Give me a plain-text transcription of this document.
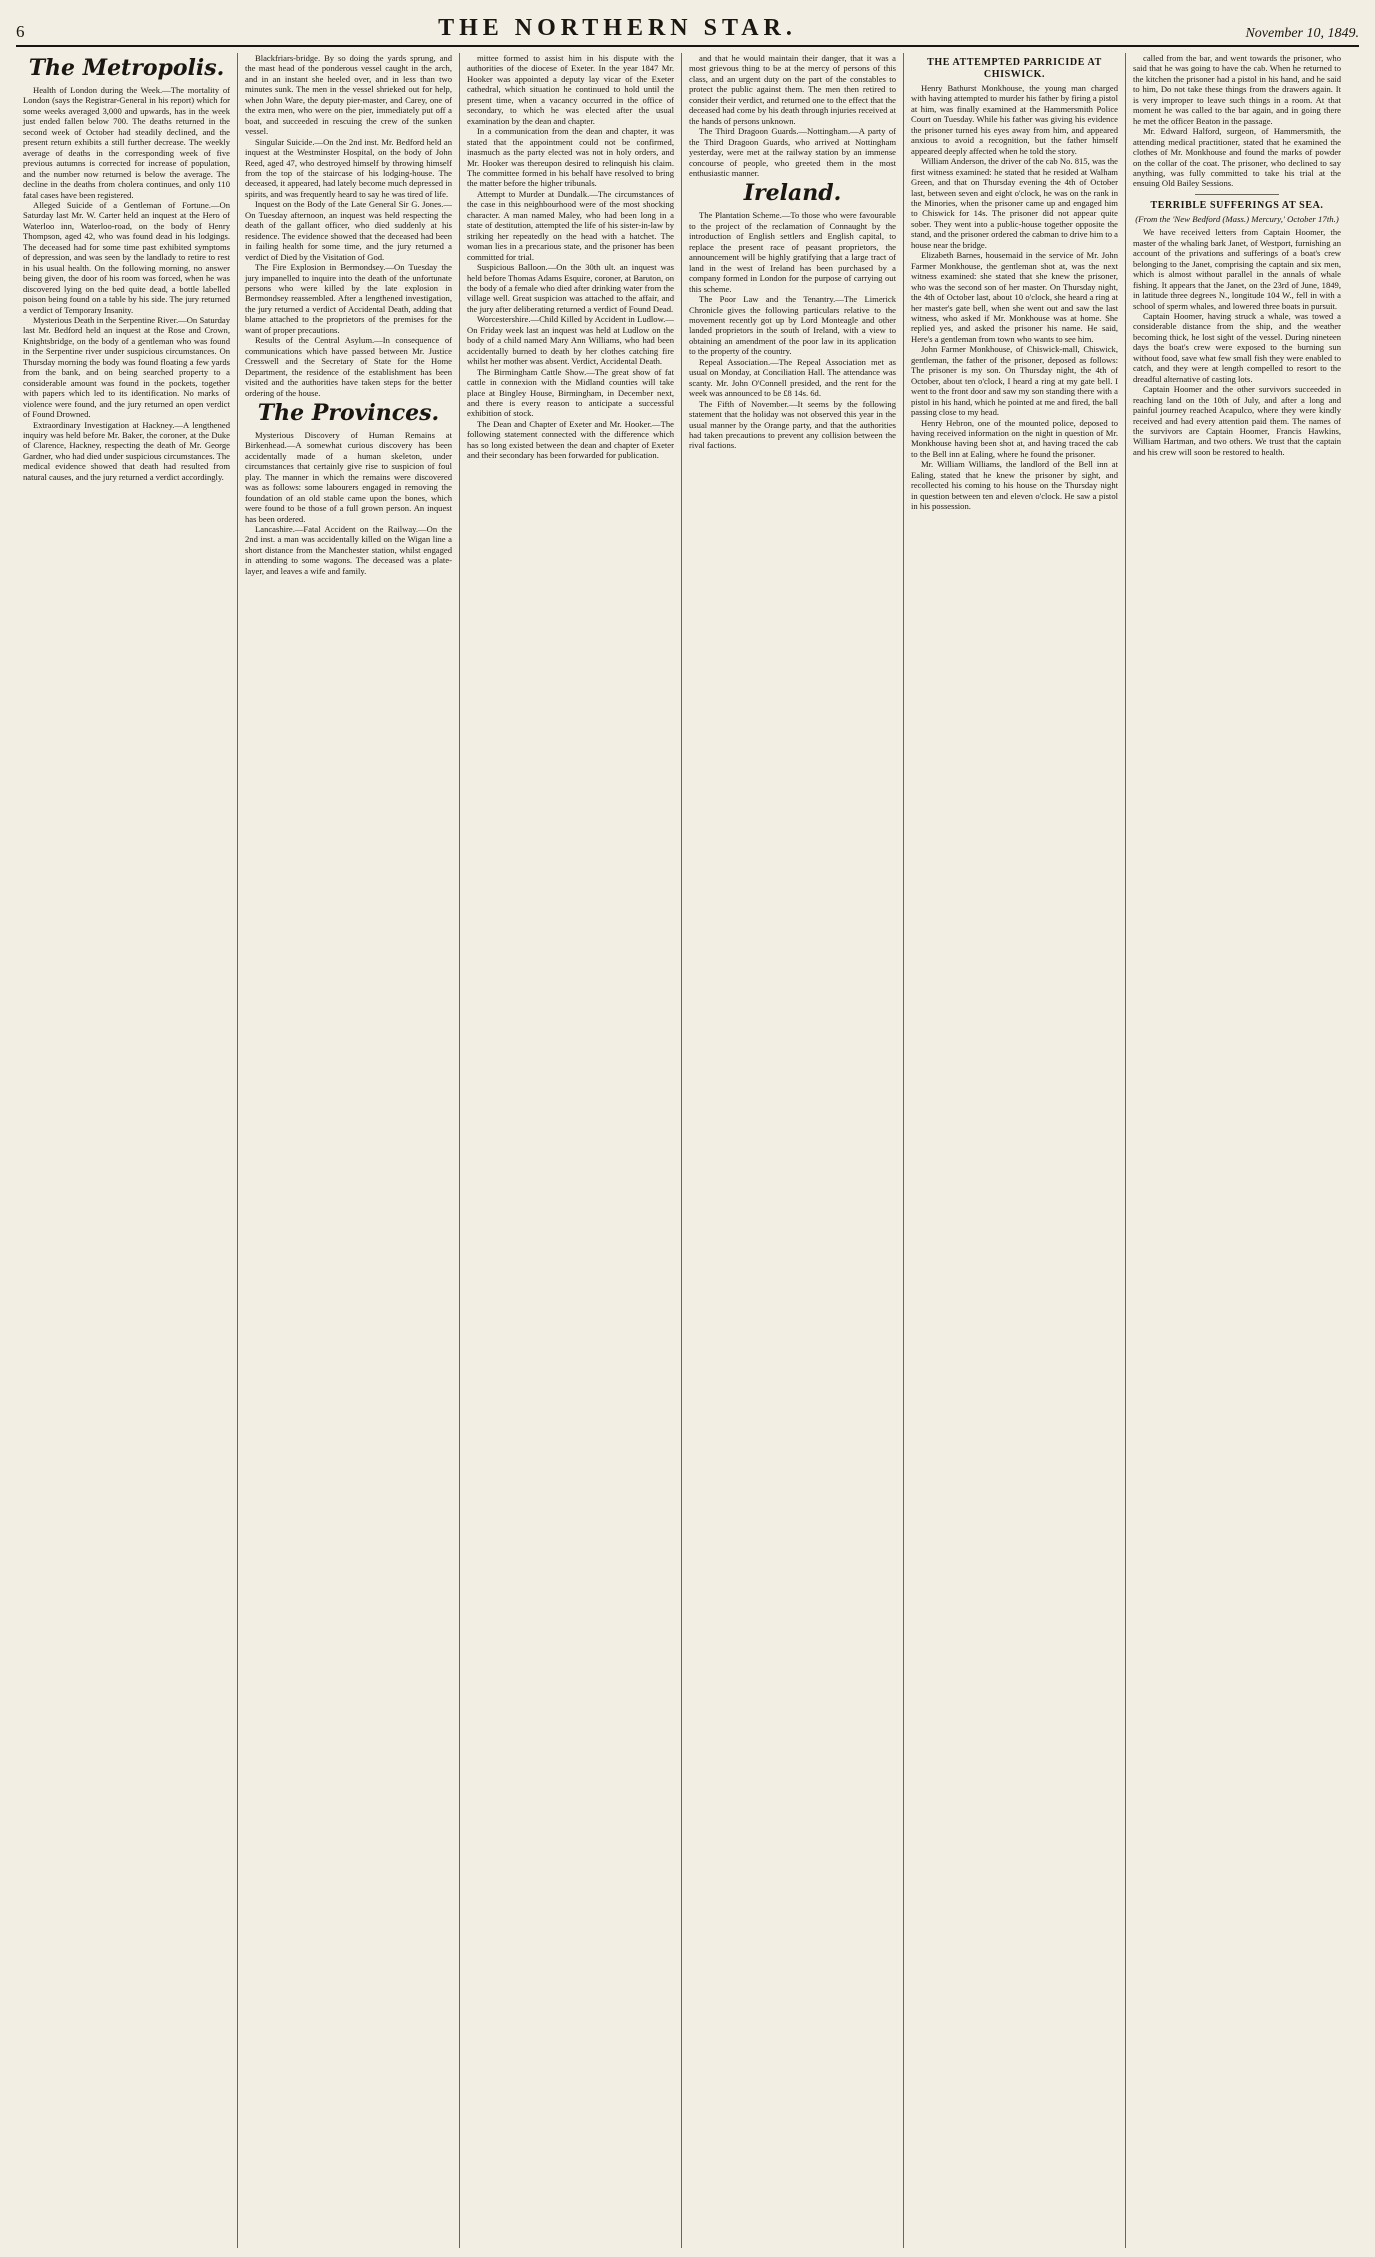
6	THE NORTHERN STAR.	November 10, 1849.
The Metropolis.

Health of London during the Week.—The mortality of London (says the Registrar-General in his report) which for some weeks averaged 3,000 and upwards, has in the week just ended fallen below 700. The deaths returned in the second week of October had steadily declined, and the present return exhibits a still further decrease. The weekly average of deaths in the corresponding week of five previous autumns is corrected for increase of population, and the number now returned is below the average. The decline in the deaths from cholera continues, and only 110 fatal cases have been registered.

Alleged Suicide of a Gentleman of Fortune.—On Saturday last Mr. W. Carter held an inquest at the Hero of Waterloo inn, Waterloo-road, on the body of Henry Thompson, aged 42, who was found dead in his lodgings. The deceased had for some time past exhibited symptoms of depression, and was seen by the landlady to retire to rest in his usual health. On the following morning, no answer being given, the door of his room was forced, when he was discovered lying on the bed quite dead, a bottle labelled poison being found on a table by his side. The jury returned a verdict of Temporary Insanity.

Mysterious Death in the Serpentine River.—On Saturday last Mr. Bedford held an inquest at the Rose and Crown, Knightsbridge, on the body of a gentleman who was found in the Serpentine river under suspicious circumstances. On Thursday morning the body was found floating a few yards from the bank, and on being searched property to a considerable amount was found in the pockets, together with papers which led to its identification. No marks of violence were found, and the jury returned an open verdict of Found Drowned.

Extraordinary Investigation at Hackney.—A lengthened inquiry was held before Mr. Baker, the coroner, at the Duke of Clarence, Hackney, respecting the death of Mr. George Gardner, who had died under suspicious circumstances. The medical evidence showed that death had resulted from natural causes, and the jury returned a verdict accordingly.

Blackfriars-bridge. By so doing the yards sprung, and the mast head of the ponderous vessel caught in the arch, and in an instant she heeled over, and in less than two minutes sunk. The men in the vessel shrieked out for help, when John Ware, the deputy pier-master, and Carey, one of the extra men, who were on the pier, immediately put off a boat, and succeeded in rescuing the crew of the sunken vessel.

Singular Suicide.—On the 2nd inst. Mr. Bedford held an inquest at the Westminster Hospital, on the body of John Reed, aged 47, who destroyed himself by throwing himself from the top of the staircase of his lodging-house. The deceased, it appeared, had lately become much depressed in spirits, and was frequently heard to say he was tired of life.

Inquest on the Body of the Late General Sir G. Jones.—On Tuesday afternoon, an inquest was held respecting the death of the gallant officer, who died suddenly at his residence. The evidence showed that the deceased had been in failing health for some time, and the jury returned a verdict of Died by the Visitation of God.

The Fire Explosion in Bermondsey.—On Tuesday the jury impanelled to inquire into the death of the unfortunate persons who were killed by the late explosion in Bermondsey reassembled. After a lengthened investigation, the jury returned a verdict of Accidental Death, adding that blame attached to the proprietors of the premises for the want of proper precautions.

Results of the Central Asylum.—In consequence of communications which have passed between Mr. Justice Cresswell and the Secretary of State for the Home Department, the residence of the establishment has been visited and the authorities have taken steps for the better ordering of the house.

The Provinces.

Mysterious Discovery of Human Remains at Birkenhead.—A somewhat curious discovery has been accidentally made of a human skeleton, under circumstances that certainly give rise to suspicion of foul play. The manner in which the remains were discovered was as follows: some labourers engaged in removing the foundation of an old stable came upon the bones, which were found to be those of a full grown person. An inquest has been ordered.

Lancashire.—Fatal Accident on the Railway.—On the 2nd inst. a man was accidentally killed on the Wigan line a short distance from the Manchester station, whilst engaged in attending to some wagons. The deceased was a plate-layer, and leaves a wife and family.

mittee formed to assist him in his dispute with the authorities of the diocese of Exeter. In the year 1847 Mr. Hooker was appointed a deputy lay vicar of the Exeter cathedral, which situation he continued to hold until the present time, when a vacancy occurred in the office of secondary, to which he was elected after the usual examination by the dean and chapter.

In a communication from the dean and chapter, it was stated that the appointment could not be confirmed, inasmuch as the party elected was not in holy orders, and Mr. Hooker was thereupon desired to relinquish his claim. The committee formed in his behalf have resolved to bring the matter before the higher tribunals.

Attempt to Murder at Dundalk.—The circumstances of the case in this neighbourhood were of the most shocking character. A man named Maley, who had been long in a state of destitution, attempted the life of his sister-in-law by striking her repeatedly on the head with a hatchet. The woman lies in a precarious state, and the prisoner has been committed for trial.

Suspicious Balloon.—On the 30th ult. an inquest was held before Thomas Adams Esquire, coroner, at Baruton, on the body of a female who died after drinking water from the village well. Great suspicion was attached to the affair, and the jury after deliberating returned a verdict of Found Dead.

Worcestershire.—Child Killed by Accident in Ludlow.—On Friday week last an inquest was held at Ludlow on the body of a child named Mary Ann Williams, who had been accidentally burned to death by her clothes catching fire whilst her mother was absent. Verdict, Accidental Death.

The Birmingham Cattle Show.—The great show of fat cattle in connexion with the Midland counties will take place at Bingley House, Birmingham, in December next, and there is every reason to anticipate a successful exhibition of stock.

The Dean and Chapter of Exeter and Mr. Hooker.—The following statement connected with the difference which has so long existed between the dean and chapter of Exeter and their secondary has been forwarded for publication.

and that he would maintain their danger, that it was a most grievous thing to be at the mercy of persons of this class, and an urgent duty on the part of the constables to protect the public against them. The men then retired to consider their verdict, and returned one to the effect that the deceased had come by his death through injuries received at the hands of persons unknown.

The Third Dragoon Guards.—Nottingham.—A party of the Third Dragoon Guards, who arrived at Nottingham yesterday, were met at the railway station by an immense concourse of people, who greeted them in the most enthusiastic manner.

Ireland.

The Plantation Scheme.—To those who were favourable to the project of the reclamation of Connaught by the introduction of English settlers and English capital, to replace the present race of peasant proprietors, the announcement will be highly gratifying that a large tract of land in the west of Ireland has been purchased by a company formed in London for the purpose of carrying out this scheme.

The Poor Law and the Tenantry.—The Limerick Chronicle gives the following particulars relative to the movement recently got up by Lord Monteagle and other landed proprietors in the south of Ireland, with a view to obtaining an amendment of the poor law in its application to the property of the country.

Repeal Association.—The Repeal Association met as usual on Monday, at Conciliation Hall. The attendance was scanty. Mr. John O'Connell presided, and the rent for the week was announced to be £8 14s. 6d.

The Fifth of November.—It seems by the following statement that the holiday was not observed this year in the usual manner by the Orange party, and that the authorities had taken precautions to prevent any collision between the rival factions.

THE ATTEMPTED PARRICIDE AT CHISWICK.

Henry Bathurst Monkhouse, the young man charged with having attempted to murder his father by firing a pistol at him, was finally examined at the Hammersmith Police Court on Tuesday. While his father was giving his evidence the prisoner turned his eyes away from him, and appeared anxious to avoid a recognition, but the father himself appeared deeply affected when he told the story.

William Anderson, the driver of the cab No. 815, was the first witness examined: he stated that he resided at Walham Green, and that on Thursday evening the 4th of October last, between seven and eight o'clock, he was on the rank in the Minories, when the prisoner came up and engaged him to Chiswick for 14s. The prisoner did not appear quite sober. They went into a public-house together opposite the stand, and the prisoner ordered the cabman to drive him to a house near the bridge.

Elizabeth Barnes, housemaid in the service of Mr. John Farmer Monkhouse, the gentleman shot at, was the next witness examined: she stated that she knew the prisoner, who was the second son of her master. On Thursday night, the 4th of October last, about 10 o'clock, she heard a ring at her master's gate bell, when she went out and saw the last witness, who asked if Mr. Monkhouse was at home. She replied yes, and asked the prisoner his name. He said, Here's a gentleman from town who wants to see him.

John Farmer Monkhouse, of Chiswick-mall, Chiswick, gentleman, the father of the prisoner, deposed as follows: The prisoner is my son. On Thursday night, the 4th of October, about ten o'clock, I heard a ring at my gate bell. I went to the front door and saw my son standing there with a pistol in his hand, which he pointed at me and fired, the ball passing close to my head.

Henry Hebron, one of the mounted police, deposed to having received information on the night in question of Mr. Monkhouse having been shot at, and having traced the cab to the Bell inn at Ealing, where he found the prisoner.

Mr. William Williams, the landlord of the Bell inn at Ealing, stated that he knew the prisoner by sight, and recollected his coming to his house on the Thursday night in question between ten and eleven o'clock. He saw a pistol in his possession.

called from the bar, and went towards the prisoner, who said that he was going to have the cab. When he returned to the kitchen the prisoner had a pistol in his hand, and he said to him, Do not take these things from the drawers again. It is very improper to leave such things in a room. At that moment he was called to the bar again, and in going there he met the officer Beaton in the passage.

Mr. Edward Halford, surgeon, of Hammersmith, the attending medical practitioner, stated that he examined the clothes of Mr. Monkhouse and found the marks of powder on the collar of the coat. The prisoner, who declined to say anything, was fully committed to take his trial at the ensuing Old Bailey Sessions.

TERRIBLE SUFFERINGS AT SEA.
(From the 'New Bedford (Mass.) Mercury,' October 17th.)

We have received letters from Captain Hoomer, the master of the whaling bark Janet, of Westport, furnishing an account of the privations and sufferings of a boat's crew belonging to the Janet, comprising the captain and six men, which is almost without parallel in the annals of whale fishing. It appears that the Janet, on the 23rd of June, 1849, in latitude three degrees N., longitude 104 W., fell in with a school of sperm whales, and lowered three boats in pursuit.

Captain Hoomer, having struck a whale, was towed a considerable distance from the ship, and the weather becoming thick, he lost sight of the vessel. During nineteen days the boat's crew were exposed to the burning sun without food, save what few small fish they were enabled to catch, and they were at length compelled to resort to the dreadful alternative of casting lots.

Captain Hoomer and the other survivors succeeded in reaching land on the 10th of July, and after a long and painful journey reached Acapulco, where they were kindly received and had every attention paid them. The names of the survivors are Captain Hoomer, Francis Hawkins, William Hartman, and two others. We trust that the captain and his crew will soon be restored to health.
